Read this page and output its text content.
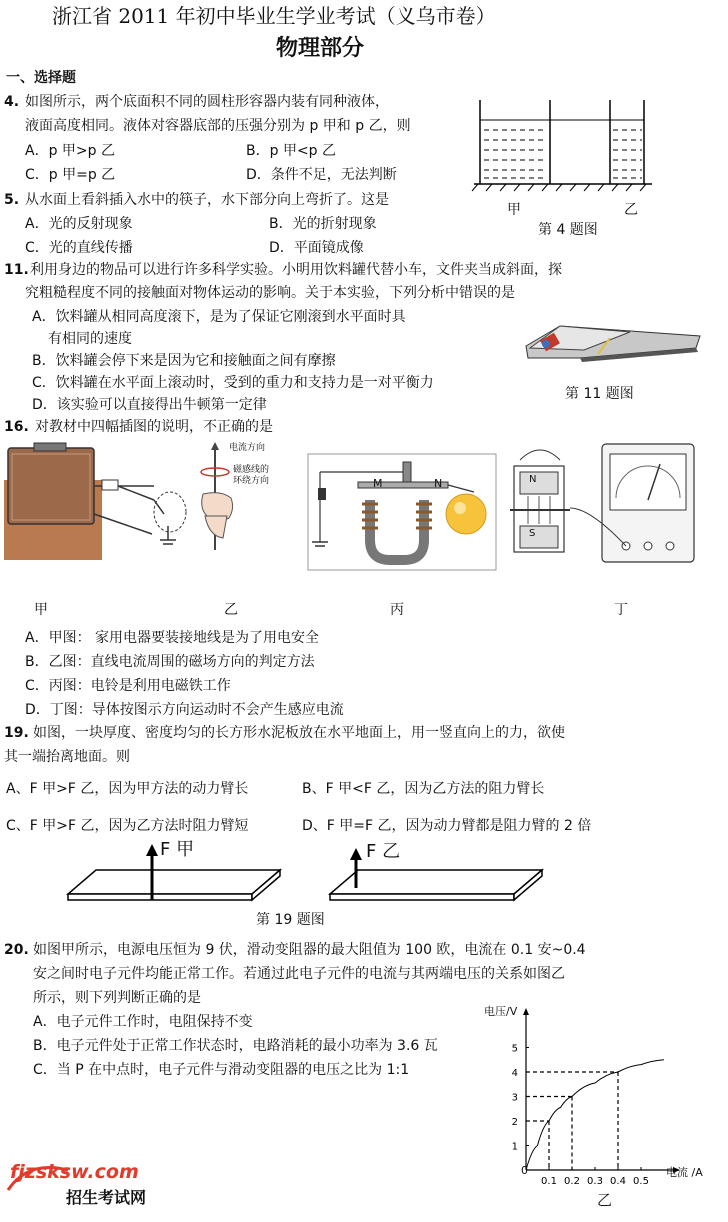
浙江省 2011 年初中毕业生学业考试（义乌市卷）
物理部分
一、选择题
4. 如图所示，两个底面积不同的圆柱形容器内装有同种液体，
液面高度相同。液体对容器底部的压强分别为 p 甲和 p 乙，则
A．p 甲>p 乙	B．p 甲<p 乙
C．p 甲=p 乙	D．条件不足，无法判断
甲	乙
第 4 题图
5. 从水面上看斜插入水中的筷子，水下部分向上弯折了。这是
A．光的反射现象	B．光的折射现象
C．光的直线传播	D．平面镜成像
11. 利用身边的物品可以进行许多科学实验。小明用饮料罐代替小车，文件夹当成斜面，探
究粗糙程度不同的接触面对物体运动的影响。关于本实验，下列分析中错误的是
A．饮料罐从相同高度滚下，是为了保证它刚滚到水平面时具
有相同的速度
B．饮料罐会停下来是因为它和接触面之间有摩擦
C．饮料罐在水平面上滚动时，受到的重力和支持力是一对平衡力
D．该实验可以直接得出牛顿第一定律
第 11 题图
16. 对教材中四幅插图的说明，不正确的是
电流方向
磁感线的
环绕方向	M	N	N
S
甲	乙	丙	丁
A．甲图： 家用电器要装接地线是为了用电安全
B．乙图：直线电流周围的磁场方向的判定方法
C．丙图：电铃是利用电磁铁工作
D．丁图：导体按图示方向运动时不会产生感应电流
19. 如图，一块厚度、密度均匀的长方形水泥板放在水平地面上，用一竖直向上的力，欲使
其一端抬离地面。则
A、F 甲>F 乙，因为甲方法的动力臂长	B、F 甲<F 乙，因为乙方法的阻力臂长
C、F 甲>F 乙，因为乙方法时阻力臂短	D、F 甲=F 乙，因为动力臂都是阻力臂的 2 倍
F 甲	F 乙
第 19 题图
20. 如图甲所示，电源电压恒为 9 伏，滑动变阻器的最大阻值为 100 欧，电流在 0.1 安~0.4
安之间时电子元件均能正常工作。若通过此电子元件的电流与其两端电压的关系如图乙
所示，则下列判断正确的是
A．电子元件工作时，电阻保持不变
B．电子元件处于正常工作状态时，电路消耗的最小功率为 3.6 瓦
C．当 P 在中点时，电子元件与滑动变阻器的电压之比为 1:1
0.1 0.2 0.3 0.4 0.5
1
2
3
4
5
电压/V
电流 /A
0
乙
fjzsksw.com
招生考试网
